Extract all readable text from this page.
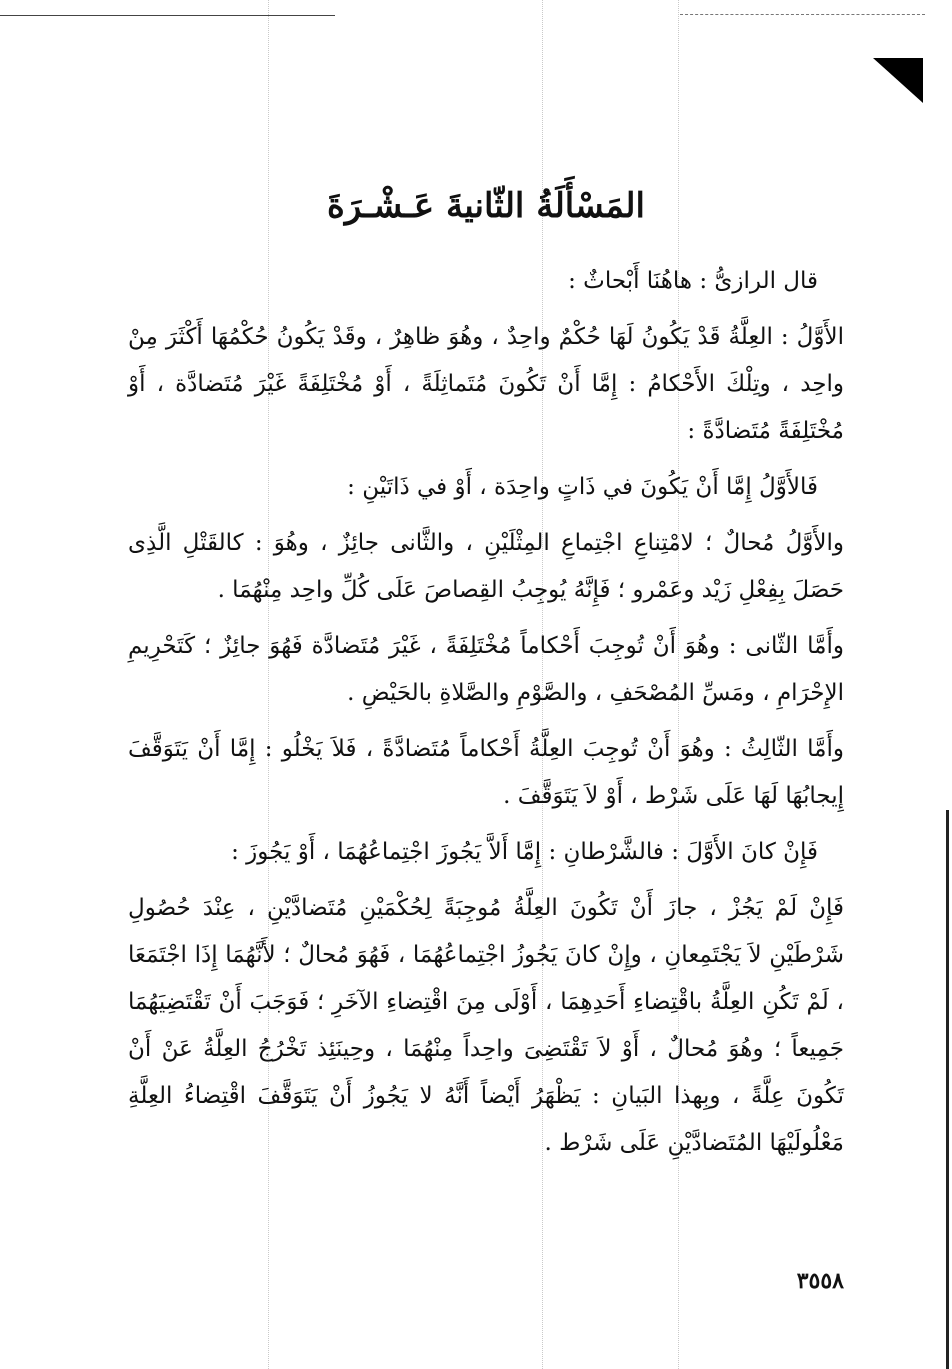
المَسْأَلَةُ الثّانيةَ عَـشْـرَةَ

قال الرازىُّ : هاهُنَا أَبْحاثٌ :

الأَوَّلُ : العِلَّةُ قَدْ يَكُونُ لَهَا حُكْمٌ واحِدٌ ، وهُوَ ظاهِرٌ ، وقَدْ يَكُونُ حُكْمُهَا أَكْثَرَ مِنْ واحِد ، وتِلْكَ الأَحْكامُ : إِمَّا أَنْ تَكُونَ مُتَماثِلَةً ، أَوْ مُخْتَلِفَةً غَيْرَ مُتَضادَّة ، أَوْ مُخْتَلِفَةً مُتَضادَّةً :

فَالأَوَّلُ إِمَّا أَنْ يَكُونَ في ذَاتٍ واحِدَة ، أَوْ في ذَاتَيْنِ :

والأَوَّلُ مُحالٌ ؛ لامْتِناعِ اجْتِماعِ المِثْلَيْنِ ، والثَّانى جائِزٌ ، وهُوَ : كالقَتْلِ الَّذِى حَصَلَ بِفِعْلِ زَيْد وعَمْرو ؛ فَإِنَّهُ يُوجِبُ القِصاصَ عَلَى كُلِّ واحِد مِنْهُمَا .

وأَمَّا الثّانى : وهُوَ أَنْ تُوجِبَ أَحْكاماً مُخْتَلِفَةً ، غَيْرَ مُتَضادَّة فَهُوَ جائِزٌ ؛ كَتَحْرِيمِ الإِحْرَامِ ، ومَسِّ المُصْحَفِ ، والصَّوْمِ والصَّلاةِ بالحَيْضِ .

وأَمَّا الثّالِثُ : وهُوَ أَنْ تُوجِبَ العِلَّةُ أَحْكاماً مُتَضادَّةً ، فَلاَ يَخْلُو : إِمَّا أَنْ يَتَوَقَّفَ إِيجابُهَا لَهَا عَلَى شَرْط ، أَوْ لاَ يَتَوَقَّفَ .

فَإِنْ كانَ الأَوَّلَ : فالشَّرْطانِ : إِمَّا أَلاَّ يَجُوزَ اجْتِماعُهُمَا ، أَوْ يَجُوزَ :

فَإِنْ لَمْ يَجُزْ ، جازَ أَنْ تَكُونَ العِلَّةُ مُوجِبَةً لِحُكْمَيْنِ مُتَضادَّيْنِ ، عِنْدَ حُصُولِ شَرْطَيْنِ لاَ يَجْتَمِعانِ ، وإِنْ كانَ يَجُوزُ اجْتِماعُهُمَا ، فَهُوَ مُحالٌ ؛ لأَنَّهُمَا إِذَا اجْتَمَعَا ، لَمْ تَكُنِ العِلَّةُ باقْتِضاءِ أَحَدِهِمَا ، أَوْلَى مِنَ اقْتِضاءِ الآخَرِ ؛ فَوَجَبَ أَنْ تَقْتَضِيَهُمَا جَمِيعاً ؛ وهُوَ مُحالٌ ، أَوْ لاَ تَقْتَضِىَ واحِداً مِنْهُمَا ، وحِينَئِذ تَخْرُجُ العِلَّةُ عَنْ أَنْ تَكُونَ عِلَّةً ، وبِهذا البَيانِ : يَظْهَرُ أَيْضاً أَنَّهُ لا يَجُوزُ أَنْ يَتَوَقَّفَ اقْتِضاءُ العِلَّةِ مَعْلُولَيْهَا المُتَضادَّيْنِ عَلَى شَرْط .

٣٥٥٨
